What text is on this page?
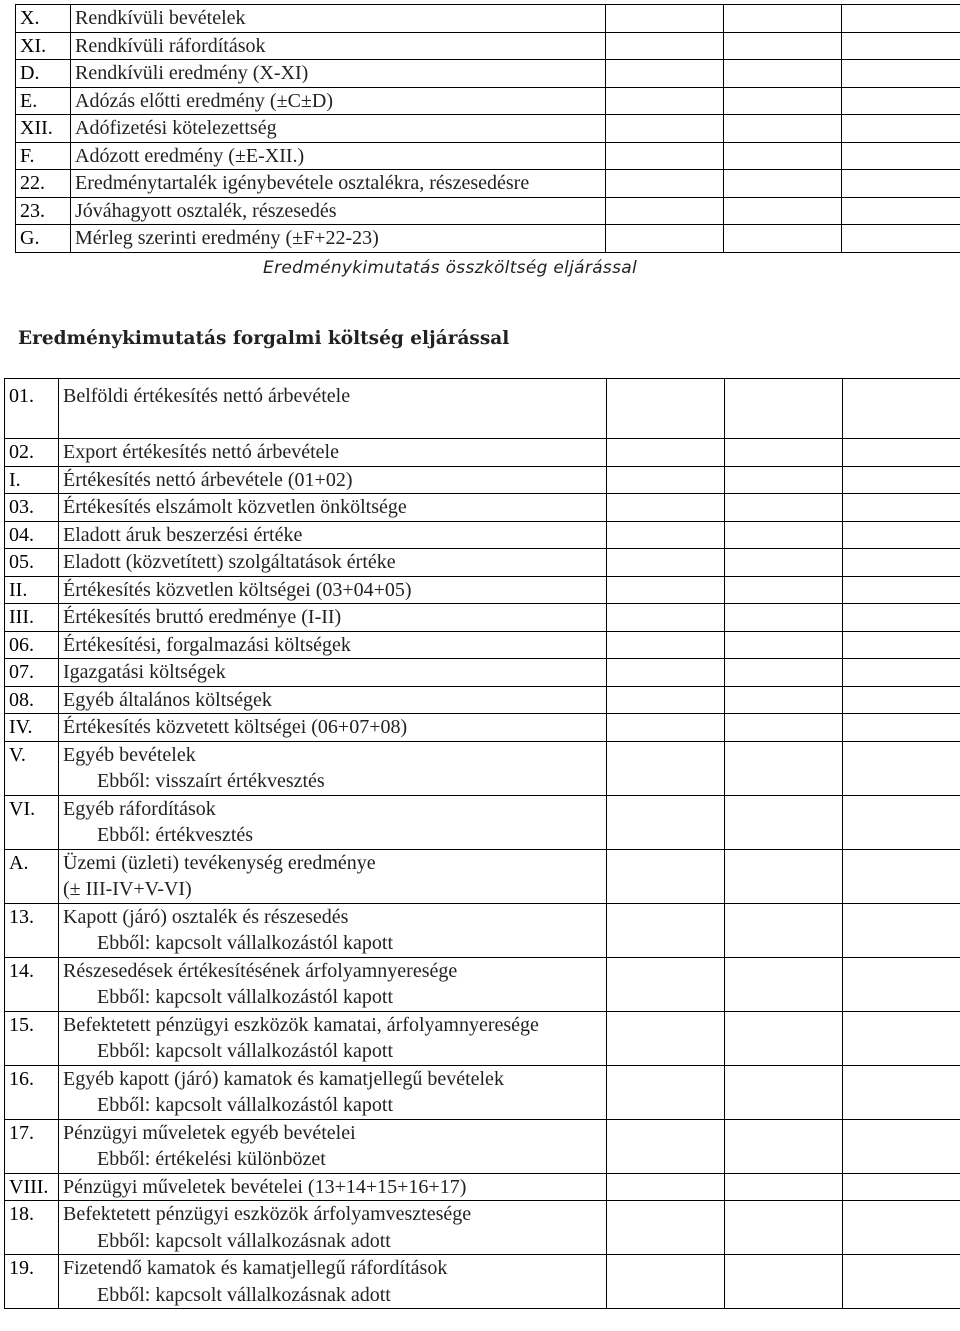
X.	Rendkívüli bevételek			
XI.	Rendkívüli ráfordítások			
D.	Rendkívüli eredmény (X-XI)			
E.	Adózás előtti eredmény (±C±D)			
XII.	Adófizetési kötelezettség			
F.	Adózott eredmény (±E-XII.)			
22.	Eredménytartalék igénybevétele osztalékra, részesedésre			
23.	Jóváhagyott osztalék, részesedés			
G.	Mérleg szerinti eredmény (±F+22-23)			
Eredménykimutatás összköltség eljárással
Eredménykimutatás forgalmi költség eljárással
01.	Belföldi értékesítés nettó árbevétele			

02.	Export értékesítés nettó árbevétele			

I.	Értékesítés nettó árbevétele (01+02)			

03.	Értékesítés elszámolt közvetlen önköltsége			

04.	Eladott áruk beszerzési értéke			

05.	Eladott (közvetített) szolgáltatások értéke			

II.	Értékesítés közvetlen költségei (03+04+05)			

III.	Értékesítés bruttó eredménye (I-II)			

06.	Értékesítési, forgalmazási költségek			

07.	Igazgatási költségek			

08.	Egyéb általános költségek			

IV.	Értékesítés közvetett költségei (06+07+08)			

V.	Egyéb bevételek
Ebből: visszaírt értékvesztés			

VI.	Egyéb ráfordítások
Ebből: értékvesztés			

A.	Üzemi (üzleti) tevékenység eredménye
(± III-IV+V-VI)			

13.	Kapott (járó) osztalék és részesedés
Ebből: kapcsolt vállalkozástól kapott			

14.	Részesedések értékesítésének árfolyamnyeresége
Ebből: kapcsolt vállalkozástól kapott			

15.	Befektetett pénzügyi eszközök kamatai, árfolyamnyeresége
Ebből: kapcsolt vállalkozástól kapott			

16.	Egyéb kapott (járó) kamatok és kamatjellegű bevételek
Ebből: kapcsolt vállalkozástól kapott			

17.	Pénzügyi műveletek egyéb bevételei
Ebből: értékelési különbözet			

VIII.	Pénzügyi műveletek bevételei (13+14+15+16+17)			

18.	Befektetett pénzügyi eszközök árfolyamvesztesége
Ebből: kapcsolt vállalkozásnak adott			

19.	Fizetendő kamatok és kamatjellegű ráfordítások
Ebből: kapcsolt vállalkozásnak adott			
